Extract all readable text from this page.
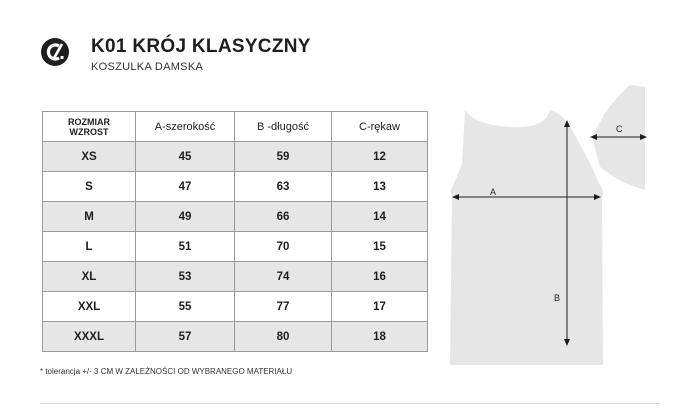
K01 KRÓJ KLASYCZNY
KOSZULKA DAMSKA
ROZMIAR
WZROST	A-szerokość	B -długość	C-rękaw
XS	45	59	12
S	47	63	13
M	49	66	14
L	51	70	15
XL	53	74	16
XXL	55	77	17
XXXL	57	80	18
A
B
C
* tolerancja +/- 3 CM W ZALEŻNOŚCI OD WYBRANEGO MATERIAŁU
